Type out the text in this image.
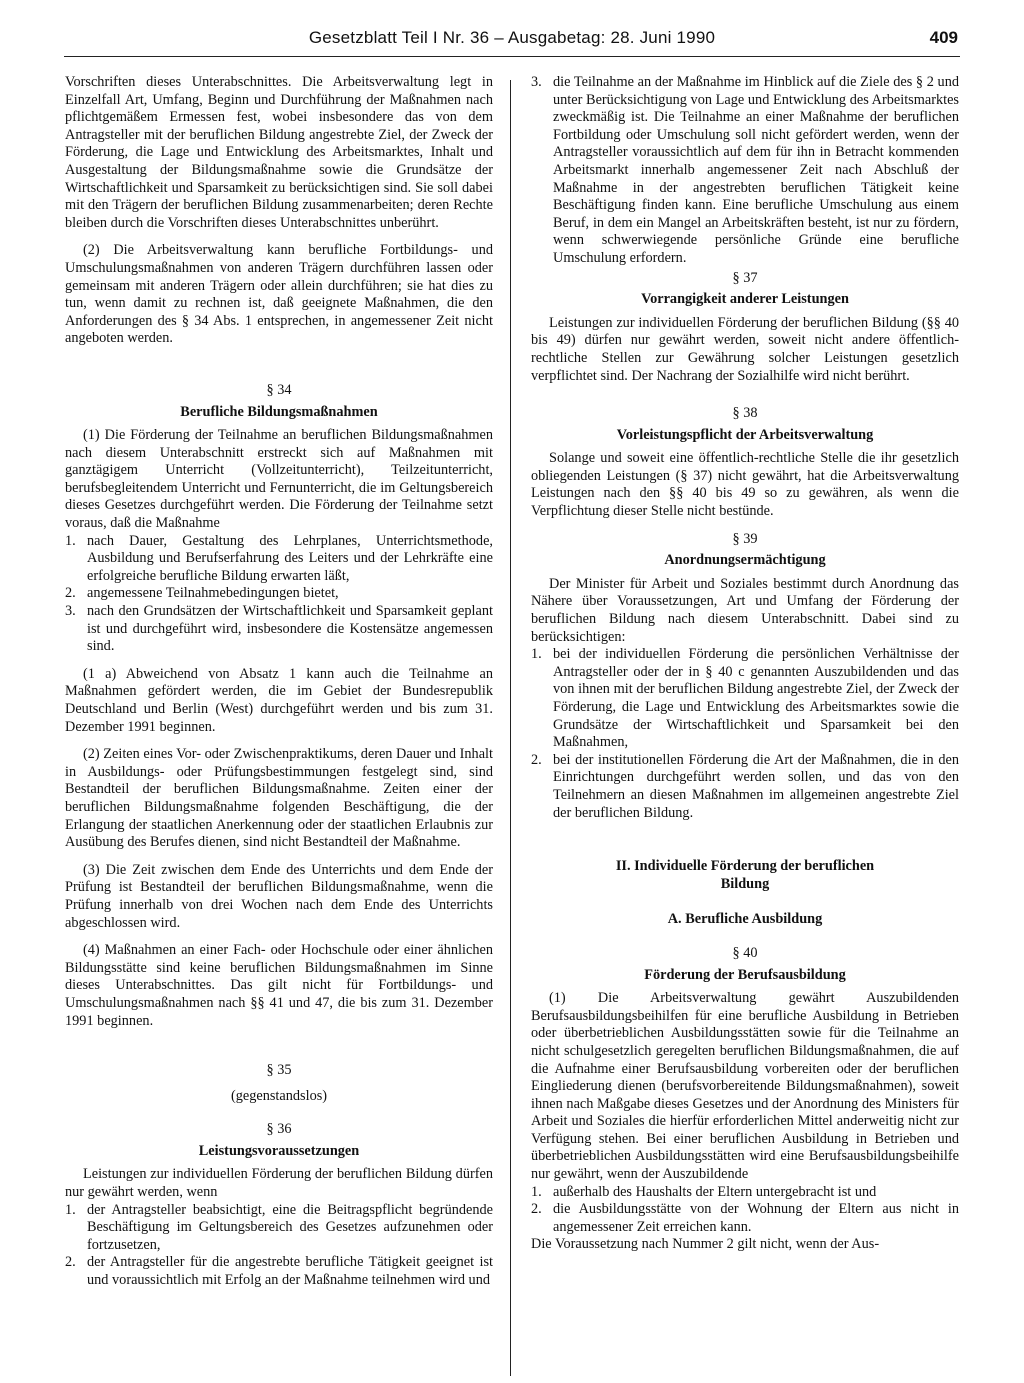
Gesetzblatt Teil I Nr. 36 – Ausgabetag: 28. Juni 1990	409

Vorschriften dieses Unterabschnittes. Die Arbeitsverwaltung legt in Einzelfall Art, Umfang, Beginn und Durchführung der Maßnahmen nach pflichtgemäßem Ermessen fest, wobei insbesondere das von dem Antragsteller mit der beruflichen Bildung angestrebte Ziel, der Zweck der Förderung, die Lage und Entwicklung des Arbeitsmarktes, Inhalt und Ausgestaltung der Bildungsmaßnahme sowie die Grundsätze der Wirtschaftlichkeit und Sparsamkeit zu berücksichtigen sind. Sie soll dabei mit den Trägern der beruflichen Bildung zusammenarbeiten; deren Rechte bleiben durch die Vorschriften dieses Unterabschnittes unberührt.

(2) Die Arbeitsverwaltung kann berufliche Fortbildungs- und Umschulungsmaßnahmen von anderen Trägern durchführen lassen oder gemeinsam mit anderen Trägern oder allein durchführen; sie hat dies zu tun, wenn damit zu rechnen ist, daß geeignete Maßnahmen, die den Anforderungen des § 34 Abs. 1 entsprechen, in angemessener Zeit nicht angeboten werden.

§ 34

Berufliche Bildungsmaßnahmen

(1) Die Förderung der Teilnahme an beruflichen Bildungsmaßnahmen nach diesem Unterabschnitt erstreckt sich auf Maßnahmen mit ganztägigem Unterricht (Vollzeitunterricht), Teilzeitunterricht, berufsbegleitendem Unterricht und Fernunterricht, die im Geltungsbereich dieses Gesetzes durchgeführt werden. Die Förderung der Teilnahme setzt voraus, daß die Maßnahme

1. nach Dauer, Gestaltung des Lehrplanes, Unterrichtsmethode, Ausbildung und Berufserfahrung des Leiters und der Lehrkräfte eine erfolgreiche berufliche Bildung erwarten läßt,
2. angemessene Teilnahmebedingungen bietet,
3. nach den Grundsätzen der Wirtschaftlichkeit und Sparsamkeit geplant ist und durchgeführt wird, insbesondere die Kostensätze angemessen sind.

(1 a) Abweichend von Absatz 1 kann auch die Teilnahme an Maßnahmen gefördert werden, die im Gebiet der Bundesrepublik Deutschland und Berlin (West) durchgeführt werden und bis zum 31. Dezember 1991 beginnen.

(2) Zeiten eines Vor- oder Zwischenpraktikums, deren Dauer und Inhalt in Ausbildungs- oder Prüfungsbestimmungen festgelegt sind, sind Bestandteil der beruflichen Bildungsmaßnahme. Zeiten einer der beruflichen Bildungsmaßnahme folgenden Beschäftigung, die der Erlangung der staatlichen Anerkennung oder der staatlichen Erlaubnis zur Ausübung des Berufes dienen, sind nicht Bestandteil der Maßnahme.

(3) Die Zeit zwischen dem Ende des Unterrichts und dem Ende der Prüfung ist Bestandteil der beruflichen Bildungsmaßnahme, wenn die Prüfung innerhalb von drei Wochen nach dem Ende des Unterrichts abgeschlossen wird.

(4) Maßnahmen an einer Fach- oder Hochschule oder einer ähnlichen Bildungsstätte sind keine beruflichen Bildungsmaßnahmen im Sinne dieses Unterabschnittes. Das gilt nicht für Fortbildungs- und Umschulungsmaßnahmen nach §§ 41 und 47, die bis zum 31. Dezember 1991 beginnen.

§ 35

(gegenstandslos)

§ 36

Leistungsvoraussetzungen

Leistungen zur individuellen Förderung der beruflichen Bildung dürfen nur gewährt werden, wenn

1. der Antragsteller beabsichtigt, eine die Beitragspflicht begründende Beschäftigung im Geltungsbereich des Gesetzes aufzunehmen oder fortzusetzen,
2. der Antragsteller für die angestrebte berufliche Tätigkeit geeignet ist und voraussichtlich mit Erfolg an der Maßnahme teilnehmen wird und
3. die Teilnahme an der Maßnahme im Hinblick auf die Ziele des § 2 und unter Berücksichtigung von Lage und Entwicklung des Arbeitsmarktes zweckmäßig ist. Die Teilnahme an einer Maßnahme der beruflichen Fortbildung oder Umschulung soll nicht gefördert werden, wenn der Antragsteller voraussichtlich auf dem für ihn in Betracht kommenden Arbeitsmarkt innerhalb angemessener Zeit nach Abschluß der Maßnahme in der angestrebten beruflichen Tätigkeit keine Beschäftigung finden kann. Eine berufliche Umschulung aus einem Beruf, in dem ein Mangel an Arbeitskräften besteht, ist nur zu fördern, wenn schwerwiegende persönliche Gründe eine berufliche Umschulung erfordern.

§ 37

Vorrangigkeit anderer Leistungen

Leistungen zur individuellen Förderung der beruflichen Bildung (§§ 40 bis 49) dürfen nur gewährt werden, soweit nicht andere öffentlich-rechtliche Stellen zur Gewährung solcher Leistungen gesetzlich verpflichtet sind. Der Nachrang der Sozialhilfe wird nicht berührt.

§ 38

Vorleistungspflicht der Arbeitsverwaltung

Solange und soweit eine öffentlich-rechtliche Stelle die ihr gesetzlich obliegenden Leistungen (§ 37) nicht gewährt, hat die Arbeitsverwaltung Leistungen nach den §§ 40 bis 49 so zu gewähren, als wenn die Verpflichtung dieser Stelle nicht bestünde.

§ 39

Anordnungsermächtigung

Der Minister für Arbeit und Soziales bestimmt durch Anordnung das Nähere über Voraussetzungen, Art und Umfang der Förderung der beruflichen Bildung nach diesem Unterabschnitt. Dabei sind zu berücksichtigen:

1. bei der individuellen Förderung die persönlichen Verhältnisse der Antragsteller oder der in § 40 c genannten Auszubildenden und das von ihnen mit der beruflichen Bildung angestrebte Ziel, der Zweck der Förderung, die Lage und Entwicklung des Arbeitsmarktes sowie die Grundsätze der Wirtschaftlichkeit und Sparsamkeit bei den Maßnahmen,
2. bei der institutionellen Förderung die Art der Maßnahmen, die in den Einrichtungen durchgeführt werden sollen, und das von den Teilnehmern an diesen Maßnahmen im allgemeinen angestrebte Ziel der beruflichen Bildung.

II. Individuelle Förderung der beruflichen

Bildung

A. Berufliche Ausbildung

§ 40

Förderung der Berufsausbildung

(1) Die Arbeitsverwaltung gewährt Auszubildenden Berufsausbildungsbeihilfen für eine berufliche Ausbildung in Betrieben oder überbetrieblichen Ausbildungsstätten sowie für die Teilnahme an nicht schulgesetzlich geregelten beruflichen Bildungsmaßnahmen, die auf die Aufnahme einer Berufsausbildung vorbereiten oder der beruflichen Eingliederung dienen (berufsvorbereitende Bildungsmaßnahmen), soweit ihnen nach Maßgabe dieses Gesetzes und der Anordnung des Ministers für Arbeit und Soziales die hierfür erforderlichen Mittel anderweitig nicht zur Verfügung stehen. Bei einer beruflichen Ausbildung in Betrieben und überbetrieblichen Ausbildungsstätten wird eine Berufsausbildungsbeihilfe nur gewährt, wenn der Auszubildende

1. außerhalb des Haushalts der Eltern untergebracht ist und
2. die Ausbildungsstätte von der Wohnung der Eltern aus nicht in angemessener Zeit erreichen kann.

Die Voraussetzung nach Nummer 2 gilt nicht, wenn der Aus-
